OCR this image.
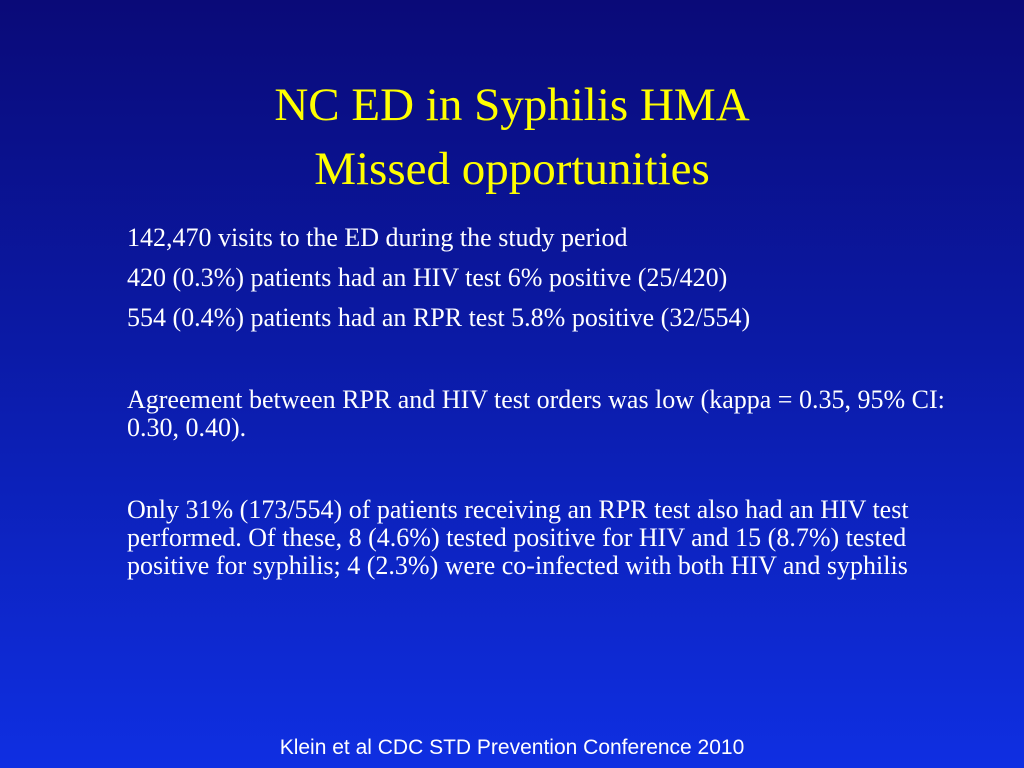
NC ED in Syphilis HMA
Missed opportunities
142,470 visits to the ED during the study period
420 (0.3%) patients had an HIV test 6% positive (25/420)
554 (0.4%) patients had an RPR test 5.8% positive (32/554)
Agreement between RPR and HIV test orders was low (kappa = 0.35, 95% CI: 0.30, 0.40).
Only 31% (173/554) of patients receiving an RPR test also had an HIV test performed. Of these, 8 (4.6%) tested positive for HIV and 15 (8.7%) tested positive for syphilis; 4 (2.3%) were co-infected with both HIV and syphilis
Klein et al CDC STD Prevention Conference 2010
